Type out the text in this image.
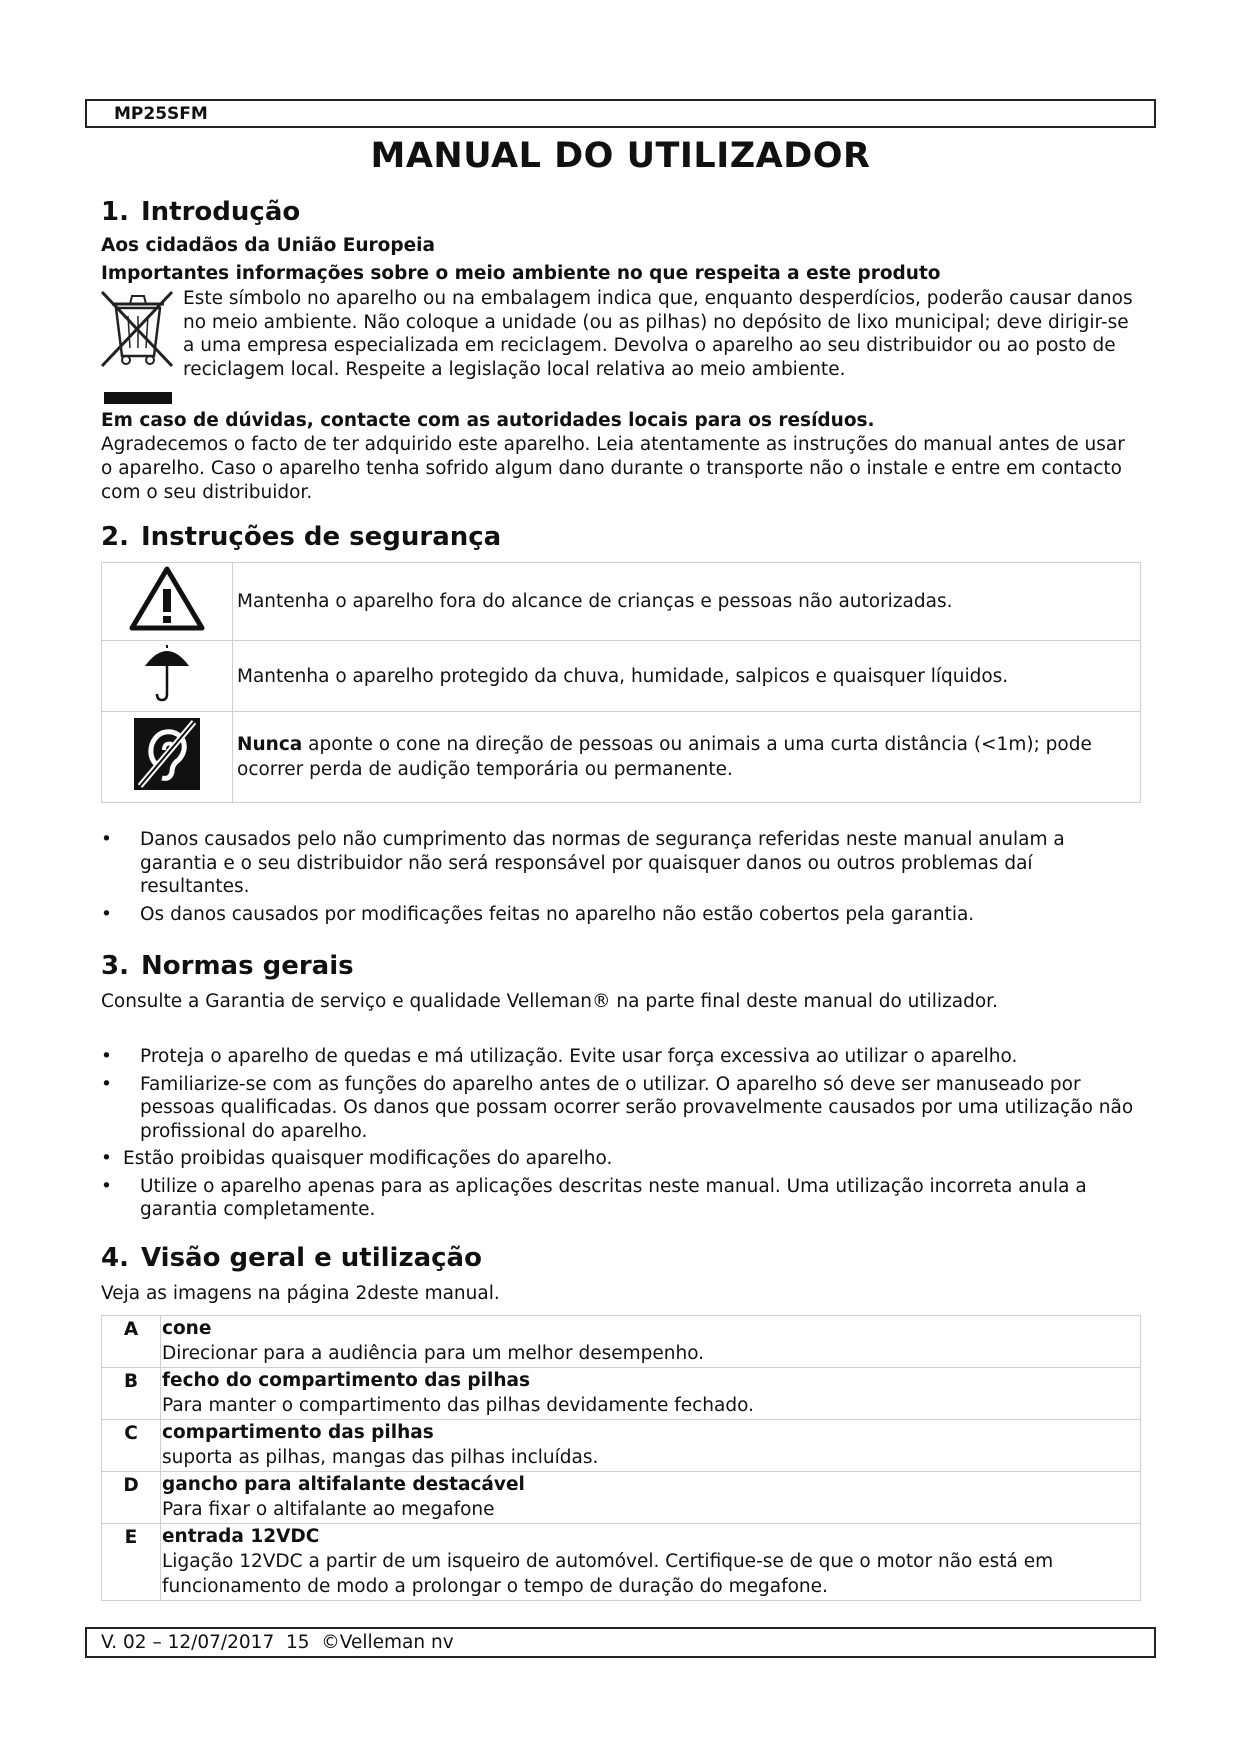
MP25SFM
MANUAL DO UTILIZADOR
1. Introdução

Aos cidadãos da União Europeia

Importantes informações sobre o meio ambiente no que respeita a este produto

Este símbolo no aparelho ou na embalagem indica que, enquanto desperdícios, poderão causar danos no meio ambiente. Não coloque a unidade (ou as pilhas) no depósito de lixo municipal; deve dirigir-se a uma empresa especializada em reciclagem. Devolva o aparelho ao seu distribuidor ou ao posto de reciclagem local. Respeite a legislação local relativa ao meio ambiente.

Em caso de dúvidas, contacte com as autoridades locais para os resíduos.

Agradecemos o facto de ter adquirido este aparelho. Leia atentamente as instruções do manual antes de usar o aparelho. Caso o aparelho tenha sofrido algum dano durante o transporte não o instale e entre em contacto com o seu distribuidor.

2. Instruções de segurança
	Mantenha o aparelho fora do alcance de crianças e pessoas não autorizadas.
	Mantenha o aparelho protegido da chuva, humidade, salpicos e quaisquer líquidos.
	Nunca aponte o cone na direção de pessoas ou animais a uma curta distância (<1m); pode ocorrer perda de audição temporária ou permanente.
• Danos causados pelo não cumprimento das normas de segurança referidas neste manual anulam a garantia e o seu distribuidor não será responsável por quaisquer danos ou outros problemas daí resultantes.
• Os danos causados por modificações feitas no aparelho não estão cobertos pela garantia.
3. Normas gerais

Consulte a Garantia de serviço e qualidade Velleman® na parte final deste manual do utilizador.

• Proteja o aparelho de quedas e má utilização. Evite usar força excessiva ao utilizar o aparelho.
• Familiarize-se com as funções do aparelho antes de o utilizar. O aparelho só deve ser manuseado por pessoas qualificadas. Os danos que possam ocorrer serão provavelmente causados por uma utilização não profissional do aparelho.
• Estão proibidas quaisquer modificações do aparelho.
• Utilize o aparelho apenas para as aplicações descritas neste manual. Uma utilização incorreta anula a garantia completamente.
4. Visão geral e utilização

Veja as imagens na página 2deste manual.

A	cone
Direcionar para a audiência para um melhor desempenho.

B	fecho do compartimento das pilhas
Para manter o compartimento das pilhas devidamente fechado.

C	compartimento das pilhas
suporta as pilhas, mangas das pilhas incluídas.

D	gancho para altifalante destacável
Para fixar o altifalante ao megafone

E	entrada 12VDC
Ligação 12VDC a partir de um isqueiro de automóvel. Certifique-se de que o motor não está em funcionamento de modo a prolongar o tempo de duração do megafone.
V. 02 – 12/07/2017  15  ©Velleman nv
